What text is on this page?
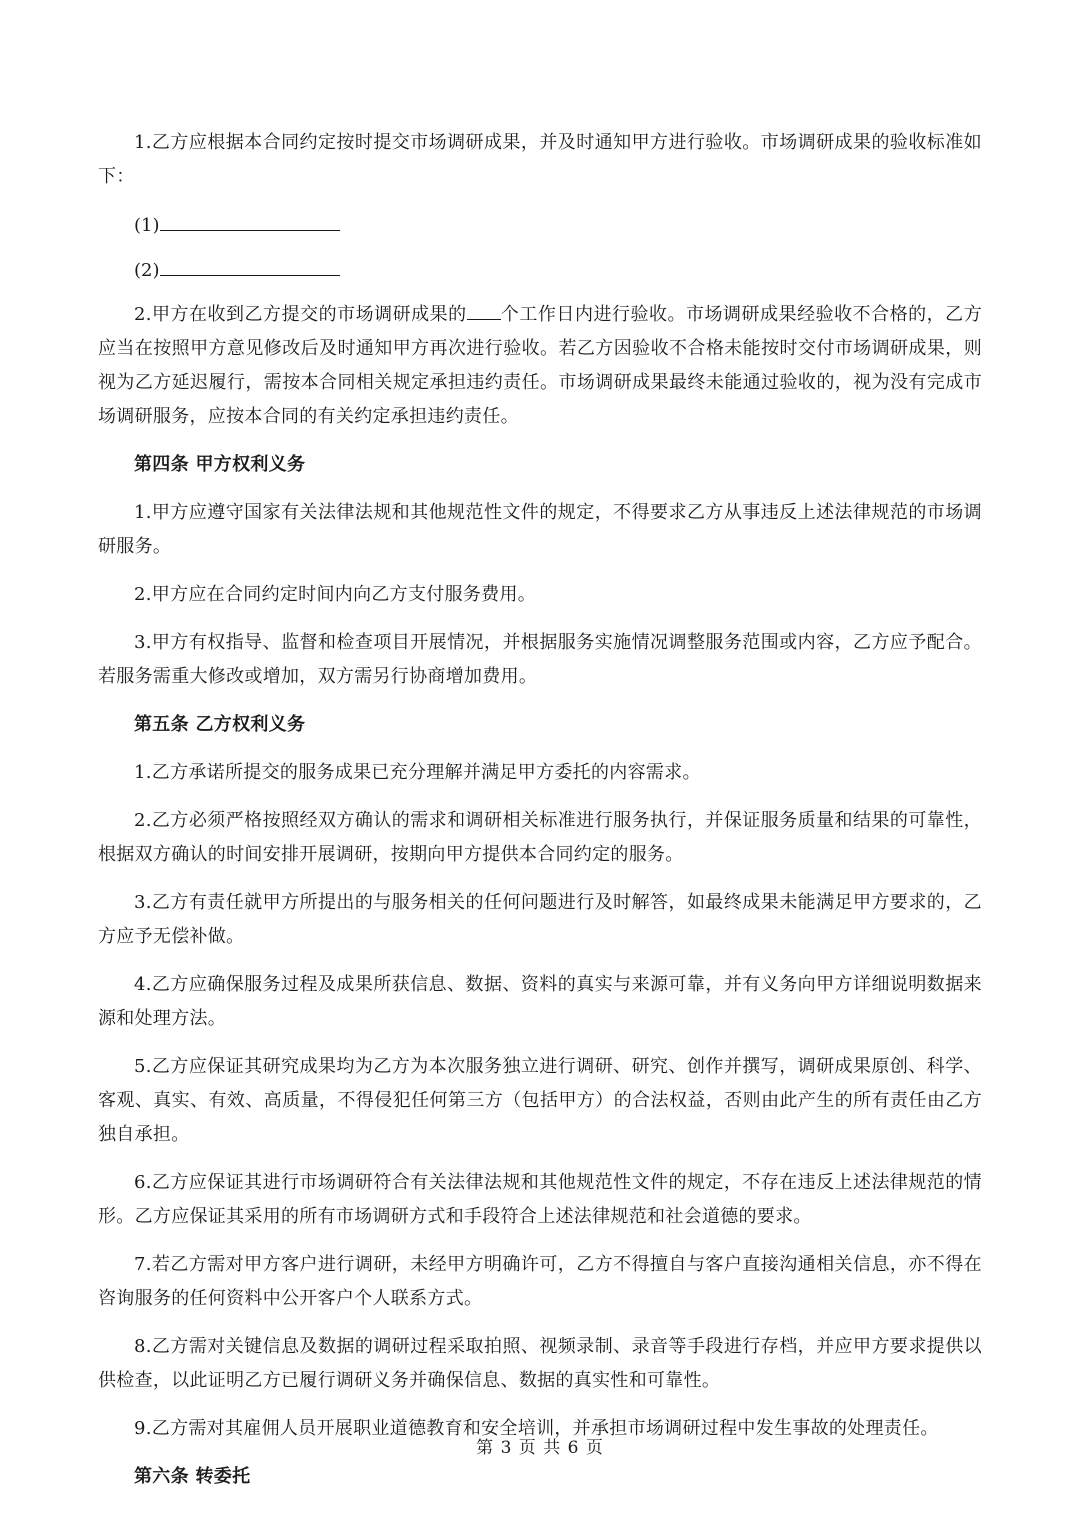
1.乙方应根据本合同约定按时提交市场调研成果，并及时通知甲方进行验收。市场调研成果的验收标准如下：

(1)
(2)

2.甲方在收到乙方提交的市场调研成果的 个工作日内进行验收。市场调研成果经验收不合格的，乙方应当在按照甲方意见修改后及时通知甲方再次进行验收。若乙方因验收不合格未能按时交付市场调研成果，则视为乙方延迟履行，需按本合同相关规定承担违约责任。市场调研成果最终未能通过验收的，视为没有完成市场调研服务，应按本合同的有关约定承担违约责任。

第四条 甲方权利义务

1.甲方应遵守国家有关法律法规和其他规范性文件的规定，不得要求乙方从事违反上述法律规范的市场调研服务。

2.甲方应在合同约定时间内向乙方支付服务费用。

3.甲方有权指导、监督和检查项目开展情况，并根据服务实施情况调整服务范围或内容，乙方应予配合。若服务需重大修改或增加，双方需另行协商增加费用。

第五条 乙方权利义务

1.乙方承诺所提交的服务成果已充分理解并满足甲方委托的内容需求。

2.乙方必须严格按照经双方确认的需求和调研相关标准进行服务执行，并保证服务质量和结果的可靠性，根据双方确认的时间安排开展调研，按期向甲方提供本合同约定的服务。

3.乙方有责任就甲方所提出的与服务相关的任何问题进行及时解答，如最终成果未能满足甲方要求的，乙方应予无偿补做。

4.乙方应确保服务过程及成果所获信息、数据、资料的真实与来源可靠，并有义务向甲方详细说明数据来源和处理方法。

5.乙方应保证其研究成果均为乙方为本次服务独立进行调研、研究、创作并撰写，调研成果原创、科学、客观、真实、有效、高质量，不得侵犯任何第三方（包括甲方）的合法权益，否则由此产生的所有责任由乙方独自承担。

6.乙方应保证其进行市场调研符合有关法律法规和其他规范性文件的规定，不存在违反上述法律规范的情形。乙方应保证其采用的所有市场调研方式和手段符合上述法律规范和社会道德的要求。

7.若乙方需对甲方客户进行调研，未经甲方明确许可，乙方不得擅自与客户直接沟通相关信息，亦不得在咨询服务的任何资料中公开客户个人联系方式。

8.乙方需对关键信息及数据的调研过程采取拍照、视频录制、录音等手段进行存档，并应甲方要求提供以供检查，以此证明乙方已履行调研义务并确保信息、数据的真实性和可靠性。

9.乙方需对其雇佣人员开展职业道德教育和安全培训，并承担市场调研过程中发生事故的处理责任。

第六条 转委托
第 3 页 共 6 页
